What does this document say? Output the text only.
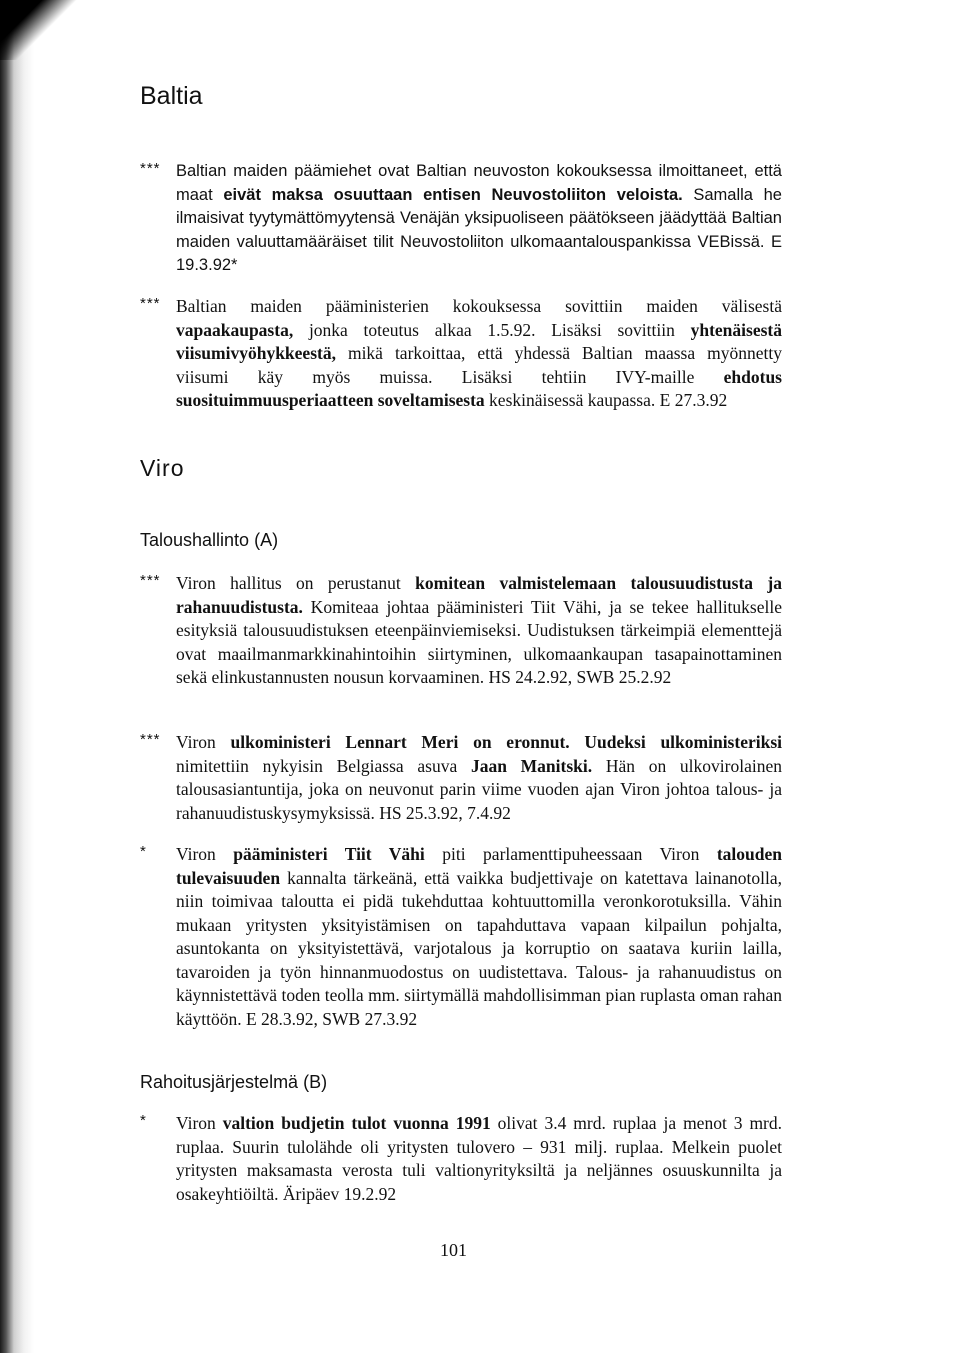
Baltia
*** Baltian maiden päämiehet ovat Baltian neuvoston kokouksessa ilmoittaneet, että maat eivät maksa osuuttaan entisen Neuvostoliiton veloista. Samalla he ilmaisivat tyytymättömyytensä Venäjän yksipuoliseen päätökseen jäädyttää Baltian maiden valuuttamääräiset tilit Neuvostoliiton ulkomaantalouspankissa VEBissä. E 19.3.92*
*** Baltian maiden pääministerien kokouksessa sovittiin maiden välisestä vapaakaupasta, jonka toteutus alkaa 1.5.92. Lisäksi sovittiin yhtenäisestä viisumivyöhykkeestä, mikä tarkoittaa, että yhdessä Baltian maassa myönnetty viisumi käy myös muissa. Lisäksi tehtiin IVY-maille ehdotus suosituimmuusperiaatteen soveltamisesta keskinäisessä kaupassa. E 27.3.92
Viro
Taloushallinto (A)
*** Viron hallitus on perustanut komitean valmistelemaan talousuudistusta ja rahanuudistusta. Komiteaa johtaa pääministeri Tiit Vähi, ja se tekee hallitukselle esityksiä talousuudistuksen eteenpäinviemiseksi. Uudistuksen tärkeimpiä elementtejä ovat maailmanmarkkinahintoihin siirtyminen, ulkomaankaupan tasapainottaminen sekä elinkustannusten nousun korvaaminen. HS 24.2.92, SWB 25.2.92
*** Viron ulkoministeri Lennart Meri on eronnut. Uudeksi ulkoministeriksi nimitettiin nykyisin Belgiassa asuva Jaan Manitski. Hän on ulkovirolainen talousasiantuntija, joka on neuvonut parin viime vuoden ajan Viron johtoa talous- ja rahanuudistuskysymyksissä. HS 25.3.92, 7.4.92
* Viron pääministeri Tiit Vähi piti parlamenttipuheessaan Viron talouden tulevaisuuden kannalta tärkeänä, että vaikka budjettivaje on katettava lainanotolla, niin toimivaa taloutta ei pidä tukehduttaa kohtuuttomilla veronkorotuksilla. Vähin mukaan yritysten yksityistämisen on tapahduttava vapaan kilpailun pohjalta, asuntokanta on yksityistettävä, varjotalous ja korruptio on saatava kuriin lailla, tavaroiden ja työn hinnanmuodostus on uudistettava. Talous- ja rahanuudistus on käynnistettävä toden teolla mm. siirtymällä mahdollisimman pian ruplasta oman rahan käyttöön. E 28.3.92, SWB 27.3.92
Rahoitusjärjestelmä (B)
* Viron valtion budjetin tulot vuonna 1991 olivat 3.4 mrd. ruplaa ja menot 3 mrd. ruplaa. Suurin tulolähde oli yritysten tulovero – 931 milj. ruplaa. Melkein puolet yritysten maksamasta verosta tuli valtionyrityksiltä ja neljännes osuuskunnilta ja osakeyhtiöiltä. Äripäev 19.2.92
101
